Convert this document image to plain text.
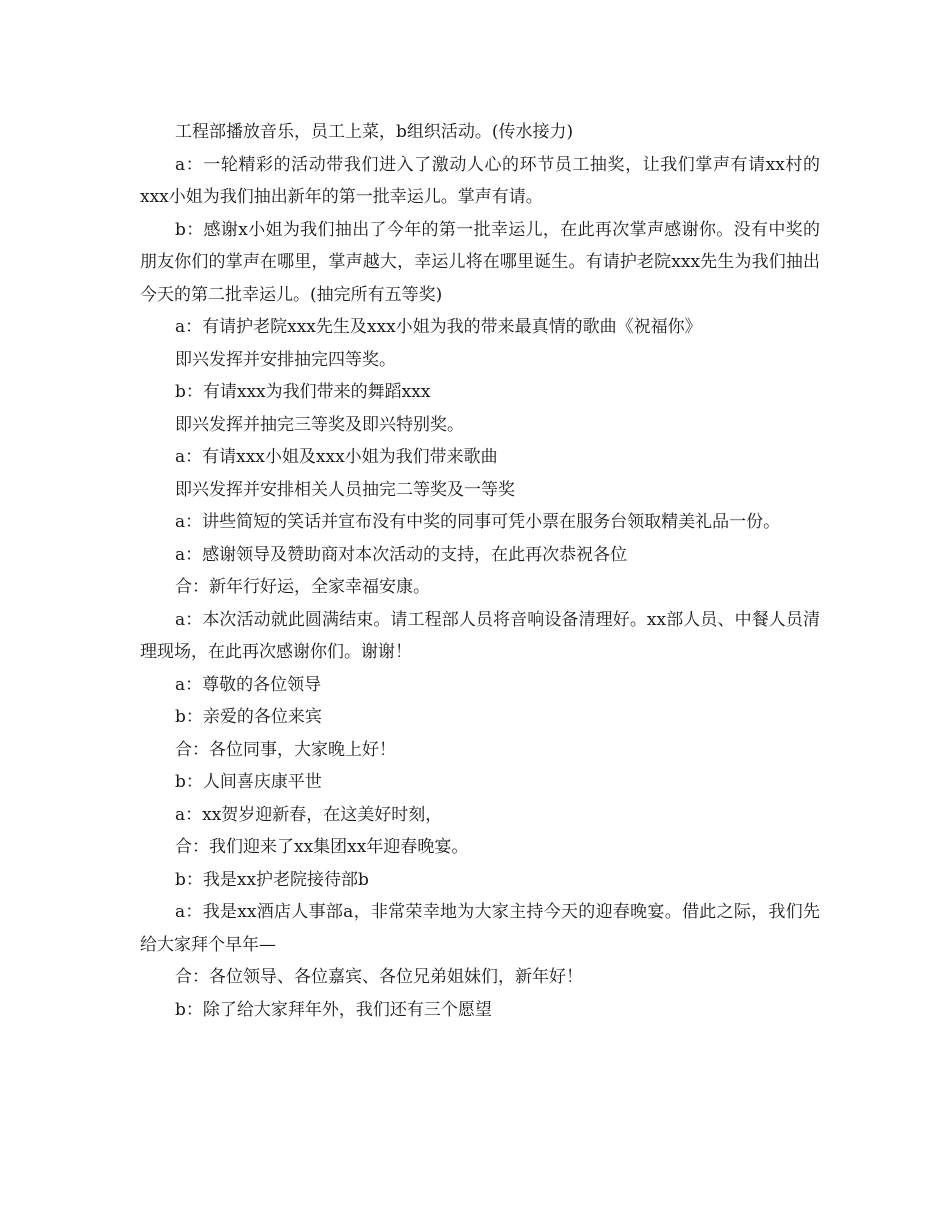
工程部播放音乐，员工上菜，b组织活动。(传水接力)

a：一轮精彩的活动带我们进入了激动人心的环节员工抽奖，让我们掌声有请xx村的xxx小姐为我们抽出新年的第一批幸运儿。掌声有请。

b：感谢x小姐为我们抽出了今年的第一批幸运儿，在此再次掌声感谢你。没有中奖的朋友你们的掌声在哪里，掌声越大，幸运儿将在哪里诞生。有请护老院xxx先生为我们抽出今天的第二批幸运儿。(抽完所有五等奖)

a：有请护老院xxx先生及xxx小姐为我的带来最真情的歌曲《祝福你》

即兴发挥并安排抽完四等奖。

b：有请xxx为我们带来的舞蹈xxx

即兴发挥并抽完三等奖及即兴特别奖。

a：有请xxx小姐及xxx小姐为我们带来歌曲

即兴发挥并安排相关人员抽完二等奖及一等奖

a：讲些简短的笑话并宣布没有中奖的同事可凭小票在服务台领取精美礼品一份。

a：感谢领导及赞助商对本次活动的支持，在此再次恭祝各位

合：新年行好运，全家幸福安康。

a：本次活动就此圆满结束。请工程部人员将音响设备清理好。xx部人员、中餐人员清理现场，在此再次感谢你们。谢谢！

a：尊敬的各位领导

b：亲爱的各位来宾

合：各位同事，大家晚上好！

b：人间喜庆康平世

a：xx贺岁迎新春，在这美好时刻，

合：我们迎来了xx集团xx年迎春晚宴。

b：我是xx护老院接待部b

a：我是xx酒店人事部a，非常荣幸地为大家主持今天的迎春晚宴。借此之际，我们先给大家拜个早年—

合：各位领导、各位嘉宾、各位兄弟姐妹们，新年好！

b：除了给大家拜年外，我们还有三个愿望
